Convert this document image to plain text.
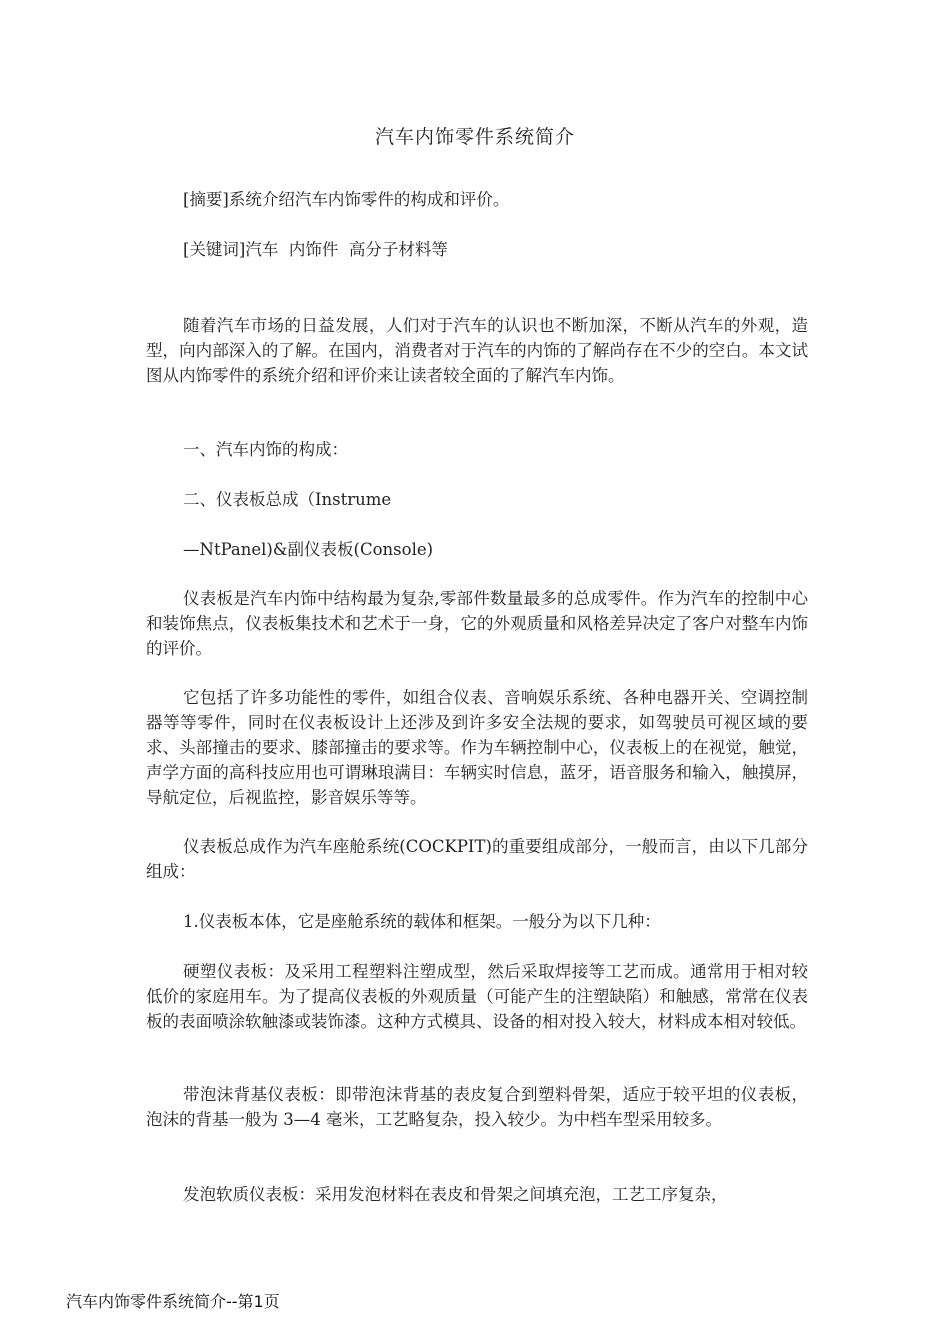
汽车内饰零件系统简介

[摘要]系统介绍汽车内饰零件的构成和评价。

[关键词]汽车  内饰件  高分子材料等

随着汽车市场的日益发展，人们对于汽车的认识也不断加深，不断从汽车的外观，造型，向内部深入的了解。在国内，消费者对于汽车的内饰的了解尚存在不少的空白。本文试图从内饰零件的系统介绍和评价来让读者较全面的了解汽车内饰。

一、汽车内饰的构成：

二、仪表板总成（Instrume

—NtPanel)&副仪表板(Console)

仪表板是汽车内饰中结构最为复杂,零部件数量最多的总成零件。作为汽车的控制中心和装饰焦点，仪表板集技术和艺术于一身，它的外观质量和风格差异决定了客户对整车内饰的评价。

它包括了许多功能性的零件，如组合仪表、音响娱乐系统、各种电器开关、空调控制器等等零件，同时在仪表板设计上还涉及到许多安全法规的要求，如驾驶员可视区域的要求、头部撞击的要求、膝部撞击的要求等。作为车辆控制中心，仪表板上的在视觉，触觉，声学方面的高科技应用也可谓琳琅满目：车辆实时信息，蓝牙，语音服务和输入，触摸屏，导航定位，后视监控，影音娱乐等等。

仪表板总成作为汽车座舱系统(COCKPIT)的重要组成部分，一般而言，由以下几部分组成：

1.仪表板本体，它是座舱系统的载体和框架。一般分为以下几种：

硬塑仪表板：及采用工程塑料注塑成型，然后采取焊接等工艺而成。通常用于相对较低价的家庭用车。为了提高仪表板的外观质量（可能产生的注塑缺陷）和触感，常常在仪表板的表面喷涂软触漆或装饰漆。这种方式模具、设备的相对投入较大，材料成本相对较低。

带泡沫背基仪表板：即带泡沫背基的表皮复合到塑料骨架，适应于较平坦的仪表板，泡沫的背基一般为 3—4 毫米，工艺略复杂，投入较少。为中档车型采用较多。

发泡软质仪表板：采用发泡材料在表皮和骨架之间填充泡，工艺工序复杂，

汽车内饰零件系统简介--第1页
